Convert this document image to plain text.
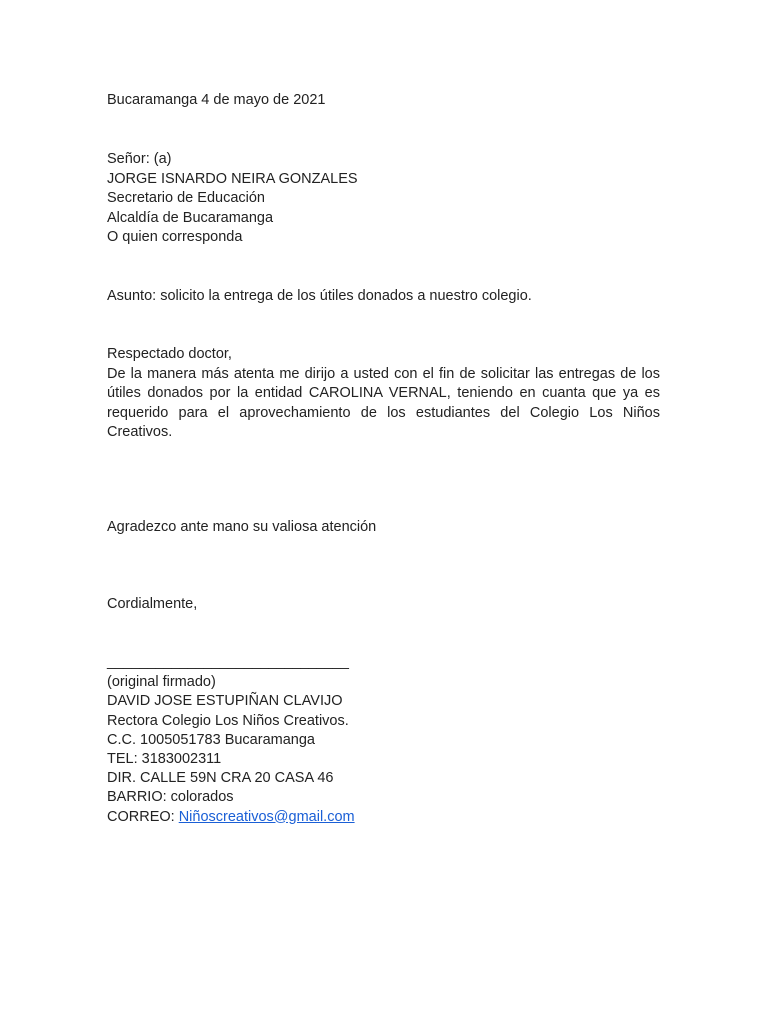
Bucaramanga 4 de mayo de 2021
Señor: (a)
JORGE ISNARDO NEIRA GONZALES
Secretario de Educación
Alcaldía de Bucaramanga
O quien corresponda
Asunto: solicito la entrega de los útiles donados a nuestro colegio.
Respectado doctor,
De la manera más atenta me dirijo a usted con el fin de solicitar las entregas de los útiles donados por la entidad CAROLINA VERNAL, teniendo en cuanta que ya es requerido para el aprovechamiento de los estudiantes del Colegio Los Niños Creativos.
Agradezco ante mano su valiosa atención
Cordialmente,
______________________________
(original firmado)
DAVID JOSE ESTUPIÑAN CLAVIJO
Rectora Colegio Los Niños Creativos.
C.C. 1005051783 Bucaramanga
TEL: 3183002311
DIR. CALLE 59N CRA 20 CASA 46
BARRIO: colorados
CORREO: Niñoscreativos@gmail.com
